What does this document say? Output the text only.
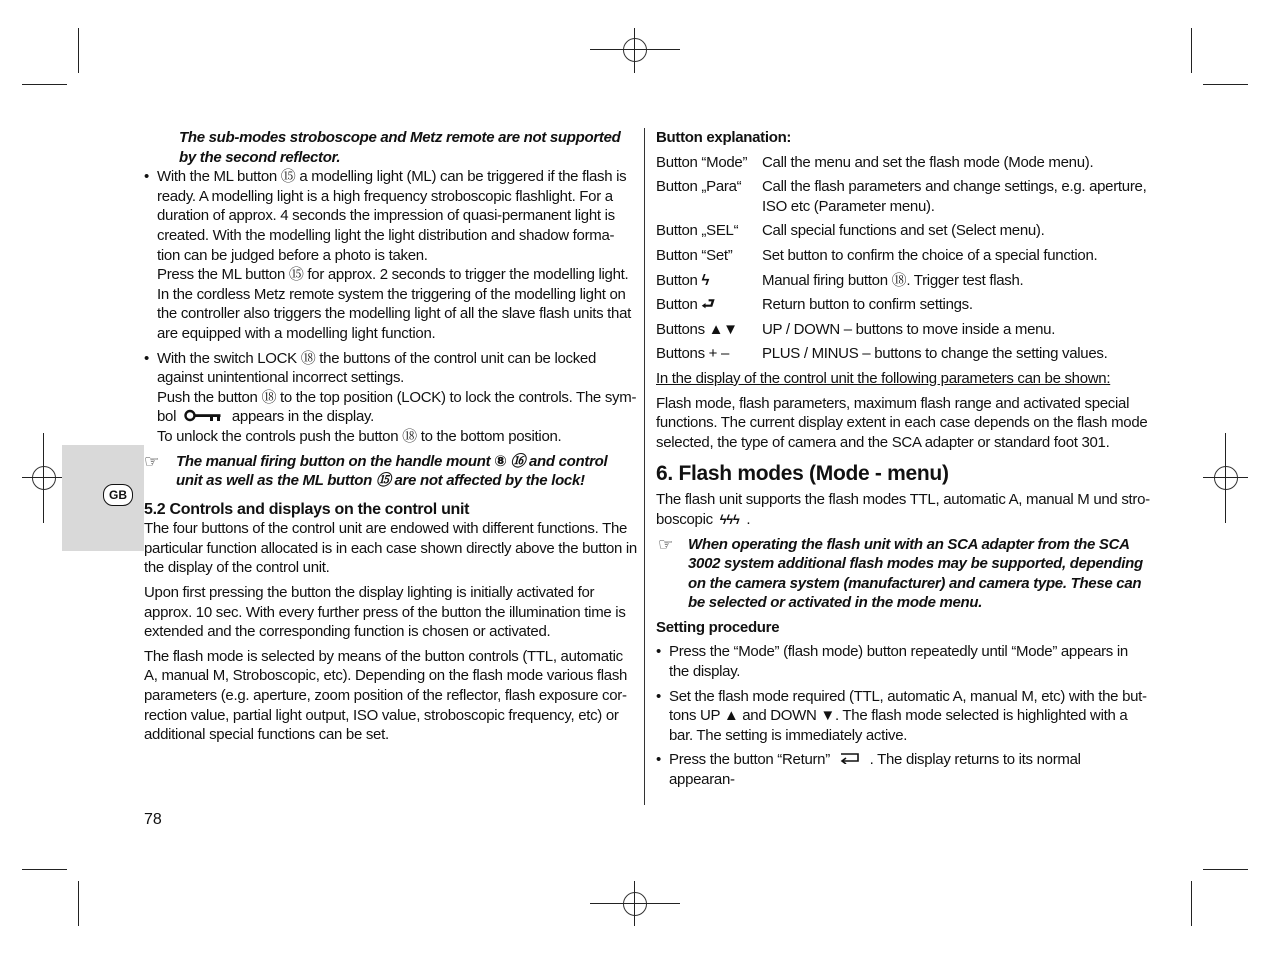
GB

The sub-modes stroboscope and Metz remote are not supported by the second reflector.

• With the ML button ⑮ a modelling light (ML) can be triggered if the flash is ready. A modelling light is a high frequency stroboscopic flashlight. For a duration of approx. 4 seconds the impression of quasi-permanent light is created. With the modelling light the light distribution and shadow forma-tion can be judged before a photo is taken.

Press the ML button ⑮ for approx. 2 seconds to trigger the modelling light. In the cordless Metz remote system the triggering of the modelling light on the controller also triggers the modelling light of all the slave flash units that are equipped with a modelling light function.

• With the switch LOCK ⑱ the buttons of the control unit can be locked against unintentional incorrect settings.

Push the button ⑱ to the top position (LOCK) to lock the controls. The sym-

bol	appears in the display.

To unlock the controls push the button ⑱ to the bottom position.

☞ The manual firing button on the handle mount ⑧ ⑯ and control unit as well as the ML button ⑮ are not affected by the lock!

5.2 Controls and displays on the control unit

The four buttons of the control unit are endowed with different functions. The particular function allocated is in each case shown directly above the button in the display of the control unit.

Upon first pressing the button the display lighting is initially activated for approx. 10 sec. With every further press of the button the illumination time is extended and the corresponding function is chosen or activated.

The flash mode is selected by means of the button controls (TTL, automatic A, manual M, Stroboscopic, etc). Depending on the flash mode various flash parameters (e.g. aperture, zoom position of the reflector, flash exposure cor-rection value, partial light output, ISO value, stroboscopic frequency, etc) or additional special functions can be set.

78

Button explanation:

Button “Mode” Call the menu and set the flash mode (Mode menu).
Button „Para“	Call the flash parameters and change settings, e.g. aperture, ISO etc (Parameter menu).
Button „SEL“	Call special functions and set (Select menu).
Button “Set”	Set button to confirm the choice of a special function.
Button ϟ	Manual firing button ⑱. Trigger test flash.
Button ⮐	Return button to confirm settings.
Buttons ▲▼	UP / DOWN – buttons to move inside a menu.
Buttons + –	PLUS / MINUS – buttons to change the setting values.

In the display of the control unit the following parameters can be shown:

Flash mode, flash parameters, maximum flash range and activated special functions. The current display extent in each case depends on the flash mode selected, the type of camera and the SCA adapter or standard foot 301.

6. Flash modes (Mode - menu)

The flash unit supports the flash modes TTL, automatic A, manual M und stro-boscopic ϟϟϟ .

☞ When operating the flash unit with an SCA adapter from the SCA 3002 system additional flash modes may be supported, depending on the camera system (manufacturer) and camera type. These can be selected or activated in the mode menu.

Setting procedure

• Press the “Mode” (flash mode) button repeatedly until “Mode” appears in the display.

• Set the flash mode required (TTL, automatic A, manual M, etc) with the but-tons UP ▲ and DOWN ▼. The flash mode selected is highlighted with a bar. The setting is immediately active.

• Press the button “Return”	. The display returns to its normal appearan-
